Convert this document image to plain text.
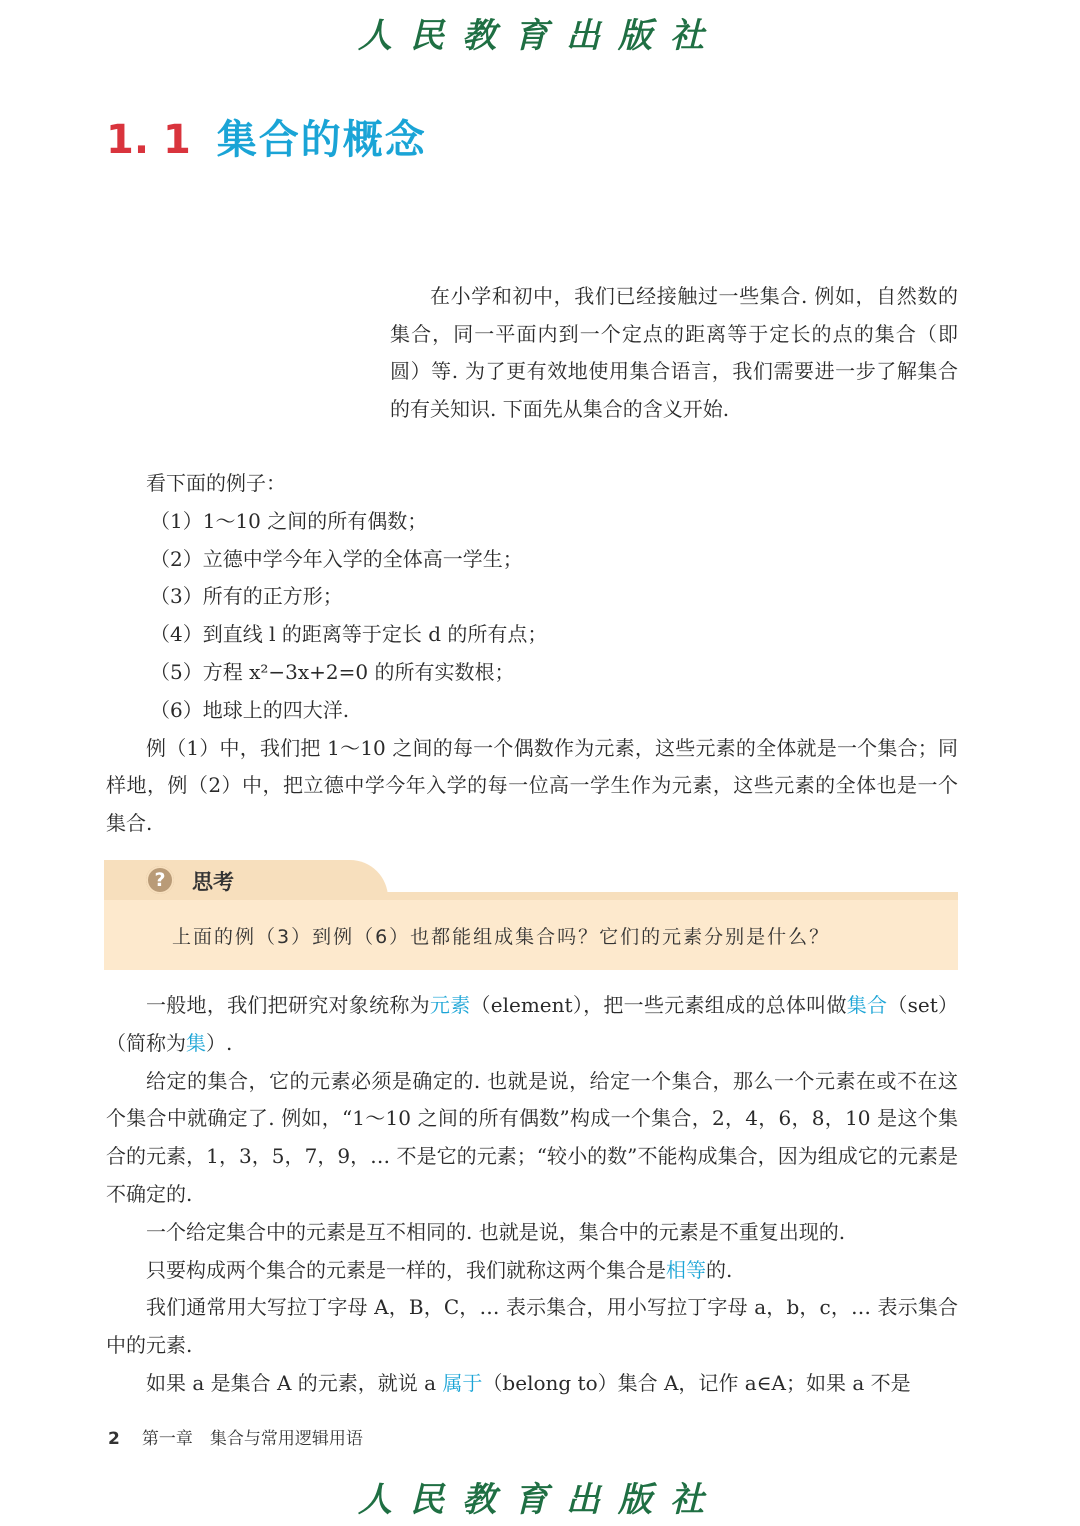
人民教育出版社
1. 1 集合的概念

在小学和初中，我们已经接触过一些集合. 例如，自然数的集合，同一平面内到一个定点的距离等于定长的点的集合（即圆）等. 为了更有效地使用集合语言，我们需要进一步了解集合的有关知识. 下面先从集合的含义开始.

看下面的例子：

（1）1～10 之间的所有偶数；

（2）立德中学今年入学的全体高一学生；

（3）所有的正方形；

（4）到直线 l 的距离等于定长 d 的所有点；

（5）方程 x²−3x+2=0 的所有实数根；

（6）地球上的四大洋.

例（1）中，我们把 1～10 之间的每一个偶数作为元素，这些元素的全体就是一个集合；同样地，例（2）中，把立德中学今年入学的每一位高一学生作为元素，这些元素的全体也是一个集合.

?	思考
上面的例（3）到例（6）也都能组成集合吗？它们的元素分别是什么？

一般地，我们把研究对象统称为元素（element），把一些元素组成的总体叫做集合（set）（简称为集）.

给定的集合，它的元素必须是确定的. 也就是说，给定一个集合，那么一个元素在或不在这个集合中就确定了. 例如，“1～10 之间的所有偶数”构成一个集合，2，4，6，8，10 是这个集合的元素，1，3，5，7，9，… 不是它的元素；“较小的数”不能构成集合，因为组成它的元素是不确定的.

一个给定集合中的元素是互不相同的. 也就是说，集合中的元素是不重复出现的.

只要构成两个集合的元素是一样的，我们就称这两个集合是相等的.

我们通常用大写拉丁字母 A，B，C，… 表示集合，用小写拉丁字母 a，b，c，… 表示集合中的元素.

如果 a 是集合 A 的元素，就说 a 属于（belong to）集合 A，记作 a∈A；如果 a 不是

2 第一章　集合与常用逻辑用语
人民教育出版社
